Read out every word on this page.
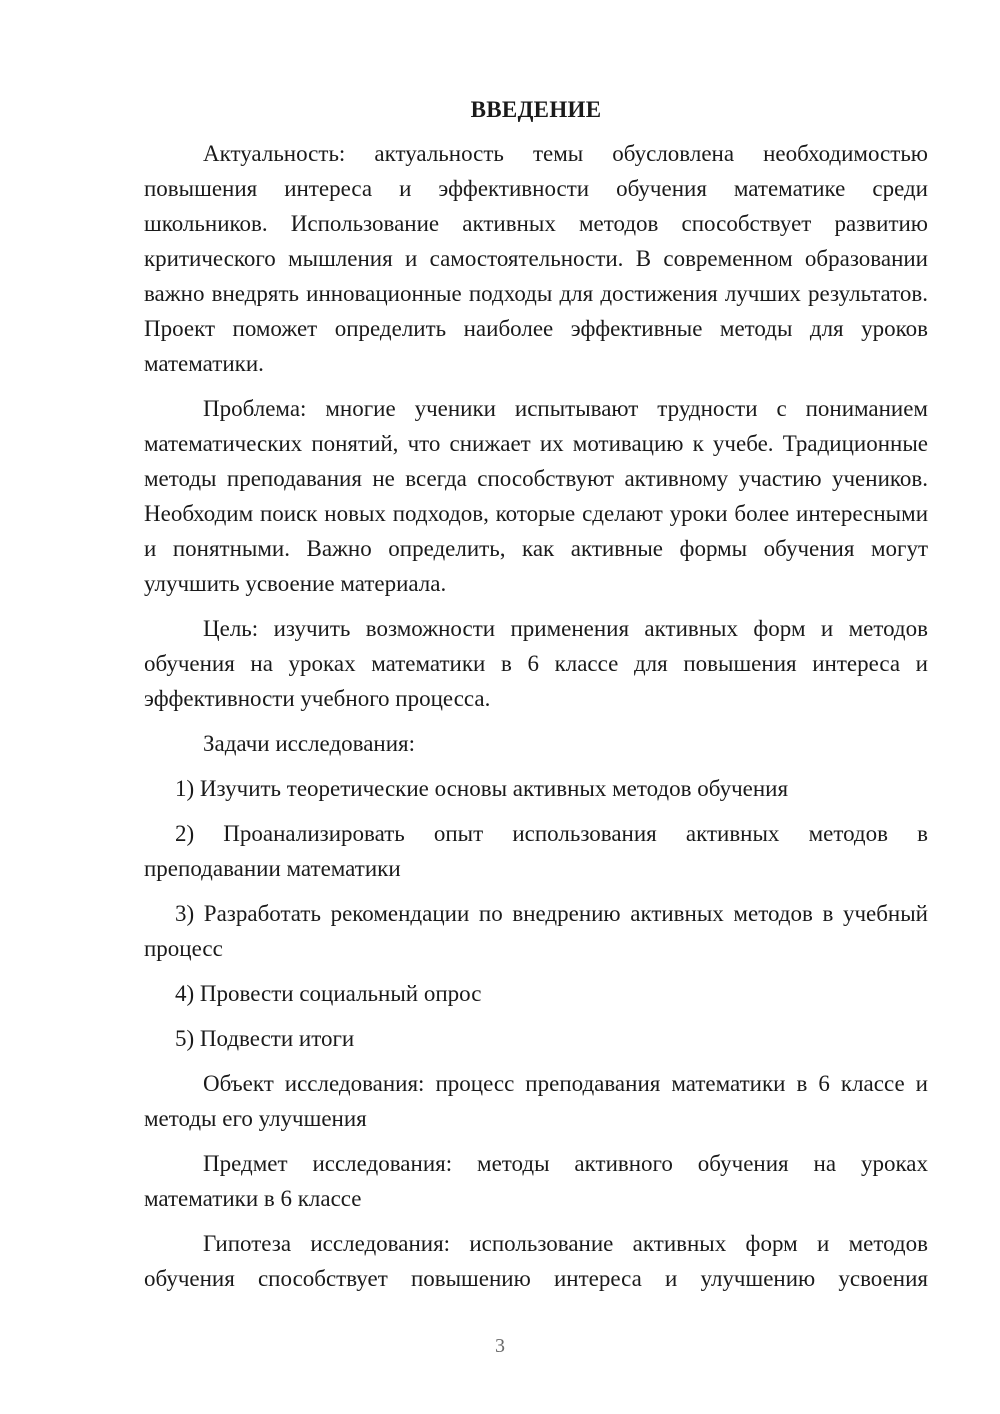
ВВЕДЕНИЕ

Актуальность: актуальность темы обусловлена необходимостью повышения интереса и эффективности обучения математике среди школьников. Использование активных методов способствует развитию критического мышления и самостоятельности. В современном образовании важно внедрять инновационные подходы для достижения лучших результатов. Проект поможет определить наиболее эффективные методы для уроков математики.

Проблема: многие ученики испытывают трудности с пониманием математических понятий, что снижает их мотивацию к учебе. Традиционные методы преподавания не всегда способствуют активному участию учеников. Необходим поиск новых подходов, которые сделают уроки более интересными и понятными. Важно определить, как активные формы обучения могут улучшить усвоение материала.

Цель: изучить возможности применения активных форм и методов обучения на уроках математики в 6 классе для повышения интереса и эффективности учебного процесса.

Задачи исследования:

1) Изучить теоретические основы активных методов обучения

2) Проанализировать опыт использования активных методов в преподавании математики

3) Разработать рекомендации по внедрению активных методов в учебный процесс

4) Провести социальный опрос

5) Подвести итоги

Объект исследования: процесс преподавания математики в 6 классе и методы его улучшения

Предмет исследования: методы активного обучения на уроках математики в 6 классе

Гипотеза исследования: использование активных форм и методов обучения способствует повышению интереса и улучшению усвоения

3
